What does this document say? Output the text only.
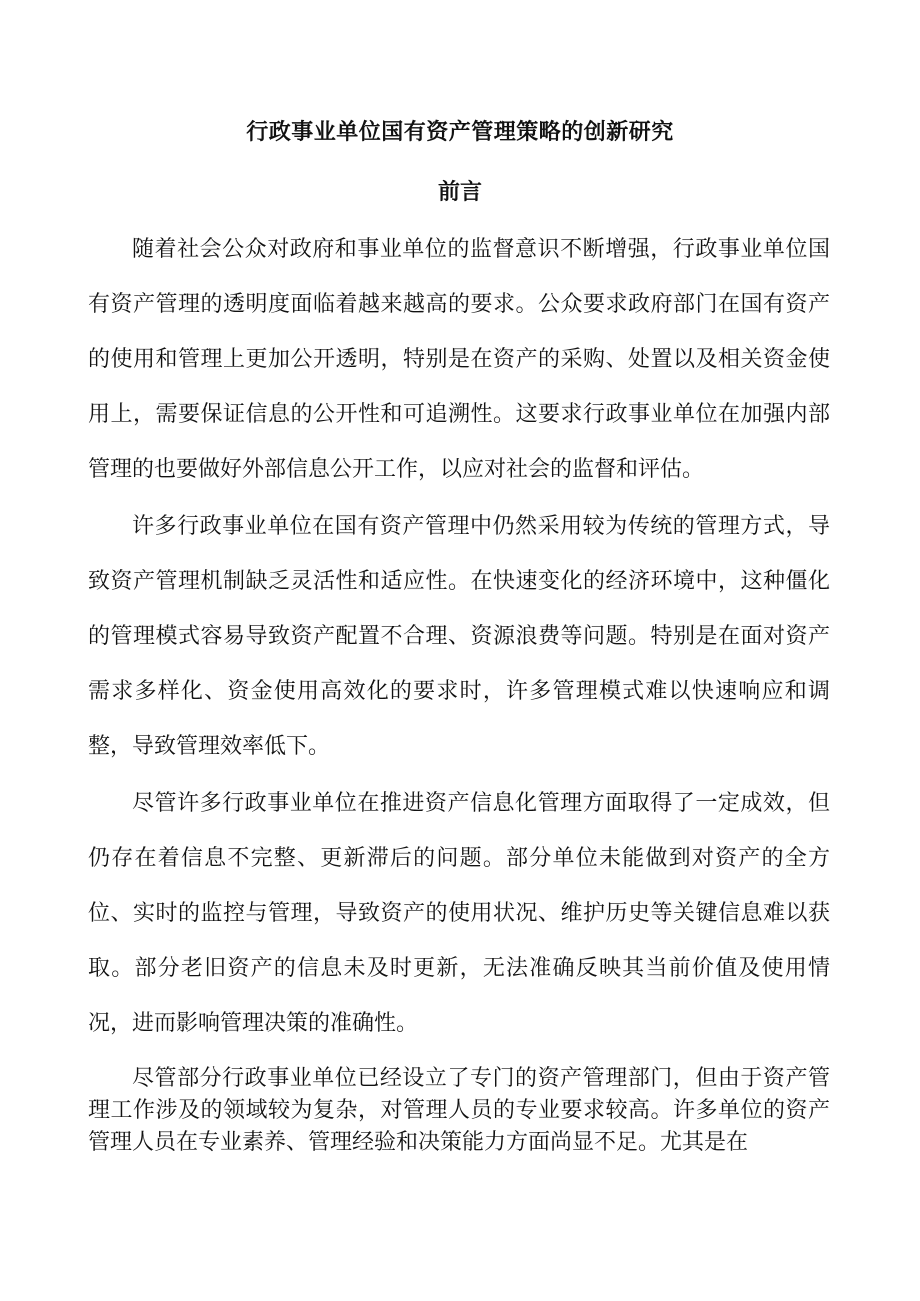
行政事业单位国有资产管理策略的创新研究
前言

随着社会公众对政府和事业单位的监督意识不断增强，行政事业单位国有资产管理的透明度面临着越来越高的要求。公众要求政府部门在国有资产的使用和管理上更加公开透明，特别是在资产的采购、处置以及相关资金使用上，需要保证信息的公开性和可追溯性。这要求行政事业单位在加强内部管理的也要做好外部信息公开工作，以应对社会的监督和评估。

许多行政事业单位在国有资产管理中仍然采用较为传统的管理方式，导致资产管理机制缺乏灵活性和适应性。在快速变化的经济环境中，这种僵化的管理模式容易导致资产配置不合理、资源浪费等问题。特别是在面对资产需求多样化、资金使用高效化的要求时，许多管理模式难以快速响应和调整，导致管理效率低下。

尽管许多行政事业单位在推进资产信息化管理方面取得了一定成效，但仍存在着信息不完整、更新滞后的问题。部分单位未能做到对资产的全方位、实时的监控与管理，导致资产的使用状况、维护历史等关键信息难以获取。部分老旧资产的信息未及时更新，无法准确反映其当前价值及使用情况，进而影响管理决策的准确性。

尽管部分行政事业单位已经设立了专门的资产管理部门，但由于资产管理工作涉及的领域较为复杂，对管理人员的专业要求较高。许多单位的资产管理人员在专业素养、管理经验和决策能力方面尚显不足。尤其是在
